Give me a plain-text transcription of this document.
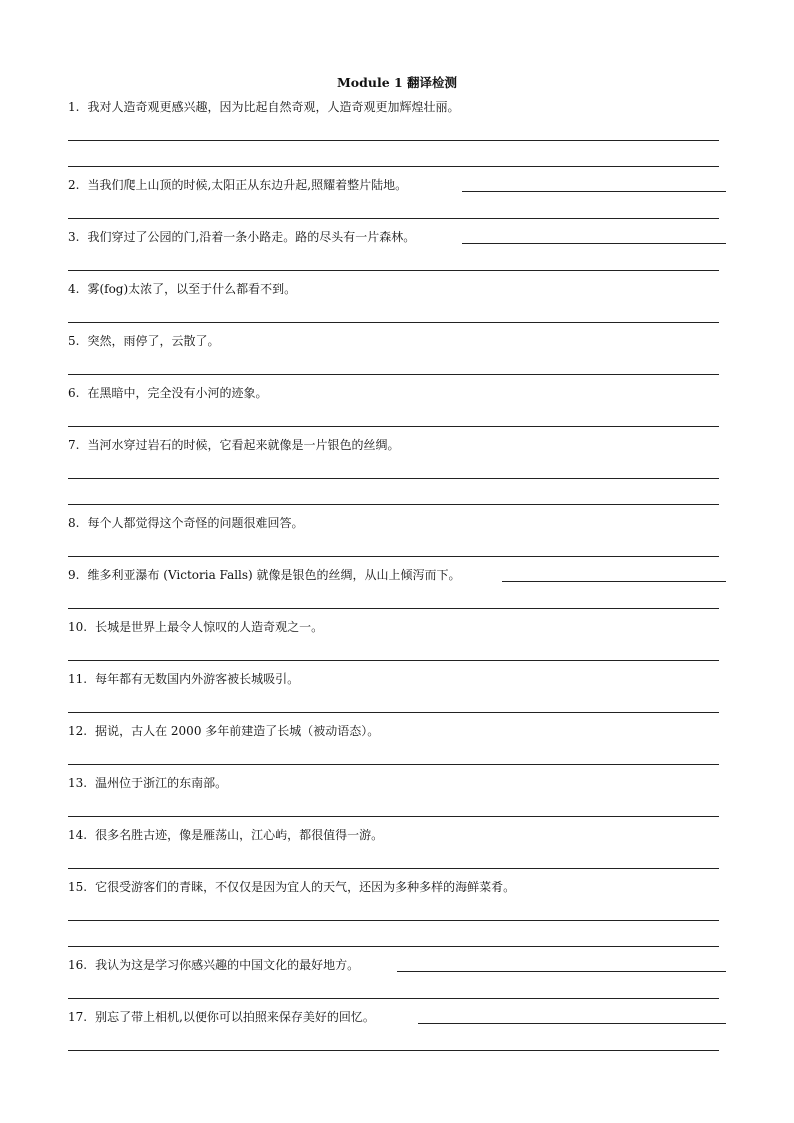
Module 1 翻译检测
1. 我对人造奇观更感兴趣，因为比起自然奇观，人造奇观更加辉煌壮丽。
2. 当我们爬上山顶的时候,太阳正从东边升起,照耀着整片陆地。
3. 我们穿过了公园的门,沿着一条小路走。路的尽头有一片森林。
4. 雾(fog)太浓了，以至于什么都看不到。
5. 突然，雨停了，云散了。
6. 在黑暗中，完全没有小河的迹象。
7. 当河水穿过岩石的时候，它看起来就像是一片银色的丝绸。
8. 每个人都觉得这个奇怪的问题很难回答。
9. 维多利亚瀑布 (Victoria Falls) 就像是银色的丝绸，从山上倾泻而下。
10. 长城是世界上最令人惊叹的人造奇观之一。
11. 每年都有无数国内外游客被长城吸引。
12. 据说，古人在 2000 多年前建造了长城（被动语态）。
13. 温州位于浙江的东南部。
14. 很多名胜古迹，像是雁荡山，江心屿，都很值得一游。
15. 它很受游客们的青睐，不仅仅是因为宜人的天气，还因为多种多样的海鲜菜肴。
16. 我认为这是学习你感兴趣的中国文化的最好地方。
17. 别忘了带上相机,以便你可以拍照来保存美好的回忆。
